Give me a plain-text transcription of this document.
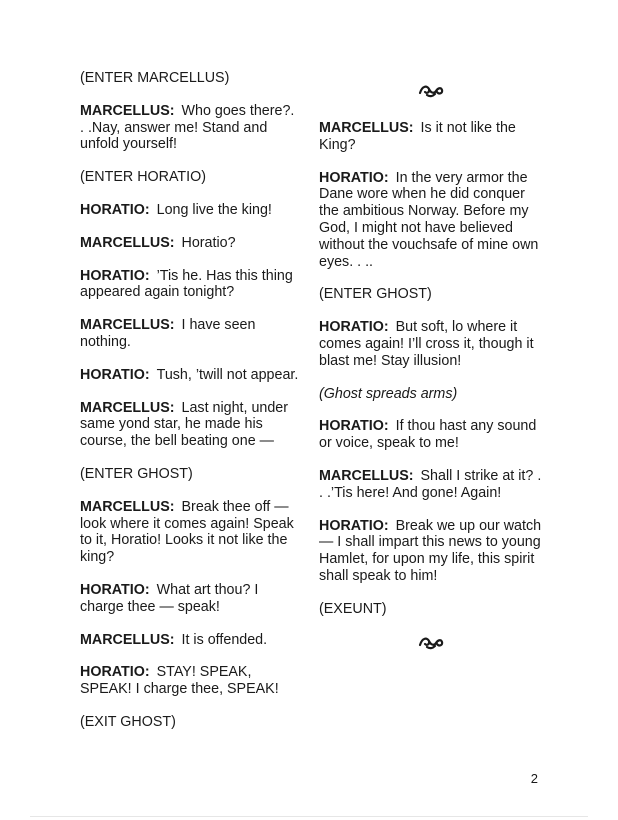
(ENTER MARCELLUS)
MARCELLUS: Who goes there?. . .Nay, answer me! Stand and unfold yourself!
(ENTER HORATIO)
HORATIO: Long live the king!
MARCELLUS: Horatio?
HORATIO: ’Tis he. Has this thing appeared again tonight?
MARCELLUS: I have seen nothing.
HORATIO: Tush, ’twill not appear.
MARCELLUS: Last night, under same yond star, he made his course, the bell beating one —
(ENTER GHOST)
MARCELLUS: Break thee off — look where it comes again! Speak to it, Horatio! Looks it not like the king?
HORATIO: What art thou? I charge thee — speak!
MARCELLUS: It is offended.
HORATIO: STAY! SPEAK, SPEAK! I charge thee, SPEAK!
(EXIT GHOST)
MARCELLUS: Is it not like the King?
HORATIO: In the very armor the Dane wore when he did conquer the ambitious Norway. Before my God, I might not have believed without the vouchsafe of mine own eyes. . ..
(ENTER GHOST)
HORATIO: But soft, lo where it comes again! I’ll cross it, though it blast me! Stay illusion!
(Ghost spreads arms)
HORATIO: If thou hast any sound or voice, speak to me!
MARCELLUS: Shall I strike at it? . . .’Tis here! And gone! Again!
HORATIO: Break we up our watch — I shall impart this news to young Hamlet, for upon my life, this spirit shall speak to him!
(EXEUNT)
2
